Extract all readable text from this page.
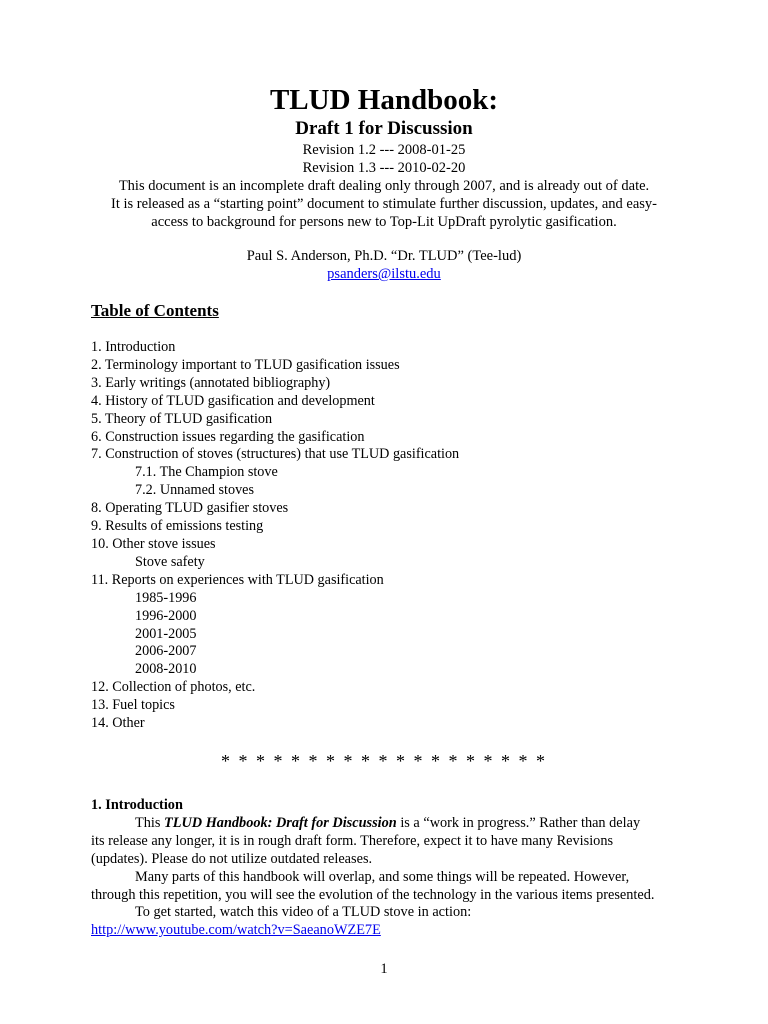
TLUD Handbook:
Draft 1 for Discussion
Revision 1.2 --- 2008-01-25
Revision 1.3 --- 2010-02-20
This document is an incomplete draft dealing only through 2007, and is already out of date.
It is released as a “starting point” document to stimulate further discussion, updates, and easy-
access to background for persons new to Top-Lit UpDraft pyrolytic gasification.
Paul S. Anderson, Ph.D. “Dr. TLUD” (Tee-lud)
psanders@ilstu.edu
Table of Contents
1. Introduction
2. Terminology important to TLUD gasification issues
3. Early writings (annotated bibliography)
4. History of TLUD gasification and development
5. Theory of TLUD gasification
6. Construction issues regarding the gasification
7. Construction of stoves (structures) that use TLUD gasification
7.1. The Champion stove
7.2. Unnamed stoves
8. Operating TLUD gasifier stoves
9. Results of emissions testing
10. Other stove issues
Stove safety
11. Reports on experiences with TLUD gasification
1985-1996
1996-2000
2001-2005
2006-2007
2008-2010
12. Collection of photos, etc.
13. Fuel topics
14. Other
* * * * * * * * * * * * * * * * * * *

1. Introduction

This TLUD Handbook: Draft for Discussion is a “work in progress.” Rather than delay

its release any longer, it is in rough draft form. Therefore, expect it to have many Revisions

(updates). Please do not utilize outdated releases.

Many parts of this handbook will overlap, and some things will be repeated. However,

through this repetition, you will see the evolution of the technology in the various items presented.

To get started, watch this video of a TLUD stove in action:

http://www.youtube.com/watch?v=SaeanoWZE7E

1
